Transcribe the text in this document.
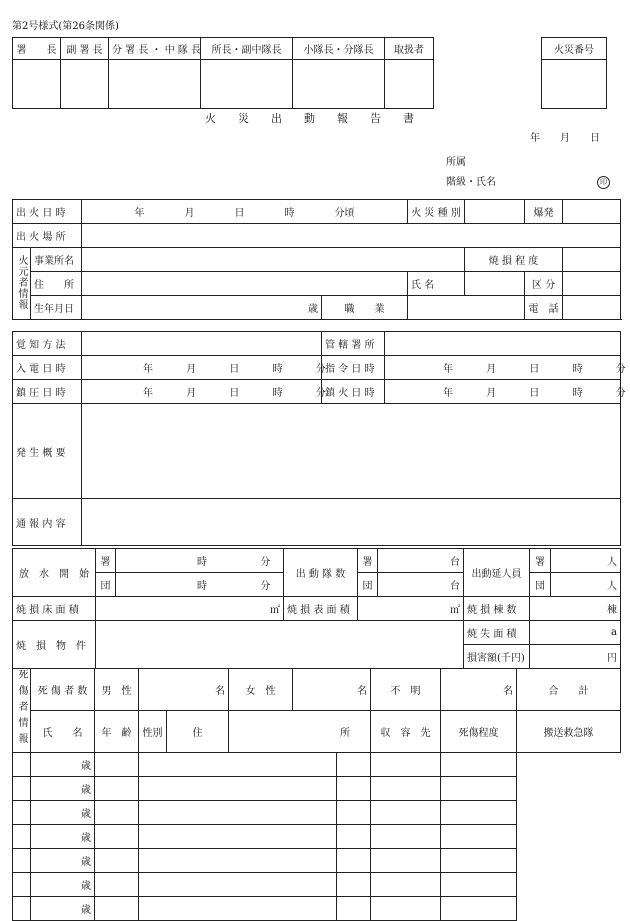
第2号様式(第26条関係)
署　　長	副 署 長	分 署 長 ・ 中 隊 長	所長・副中隊長	小隊長・分隊長	取扱者
						火災番号

火　　災　　出　　動　　報　　告　　書
年　　月　　日
所属
階級・氏名	印
出 火 日 時		年　　　　月　　　　日　　　　時　　　　分頃		火 災 種 別		爆発	
出 火 場 所							
火元者情報	事業所名				焼 損 程 度		
	住　　所			氏 名		区 分	
	生年月日	歳	職　　業			電　話	
覚 知 方 法		管 轄 署 所	
入 電 日 時	年 月 日 時 分	指 令 日 時	年 月 日 時 分
鎮 圧 日 時	年 月 日 時 分	鎮 火 日 時	年 月 日 時 分
発 生 概 要			
通 報 内 容			
放　水　開　始	署	時 分	出 動 隊 数	署	台	出動延人員	署	人
	団	時 分		団	台		団	人
焼 損 床 面 積	㎡		焼 損 表 面 積	㎡		焼 損 棟 数	棟	
焼　損　物　件						焼 失 面 積	a	
						損害額(千円)	円	
死傷者情報	死 傷 者 数	男　性	名		女　性	名		不　明	名	合　　計	
	氏　　名	年　齢	性別	住	所			収　容　先	死傷程度	搬送救急隊	
	歳										
	歳										
	歳										
	歳										
	歳										
	歳										
	歳										
